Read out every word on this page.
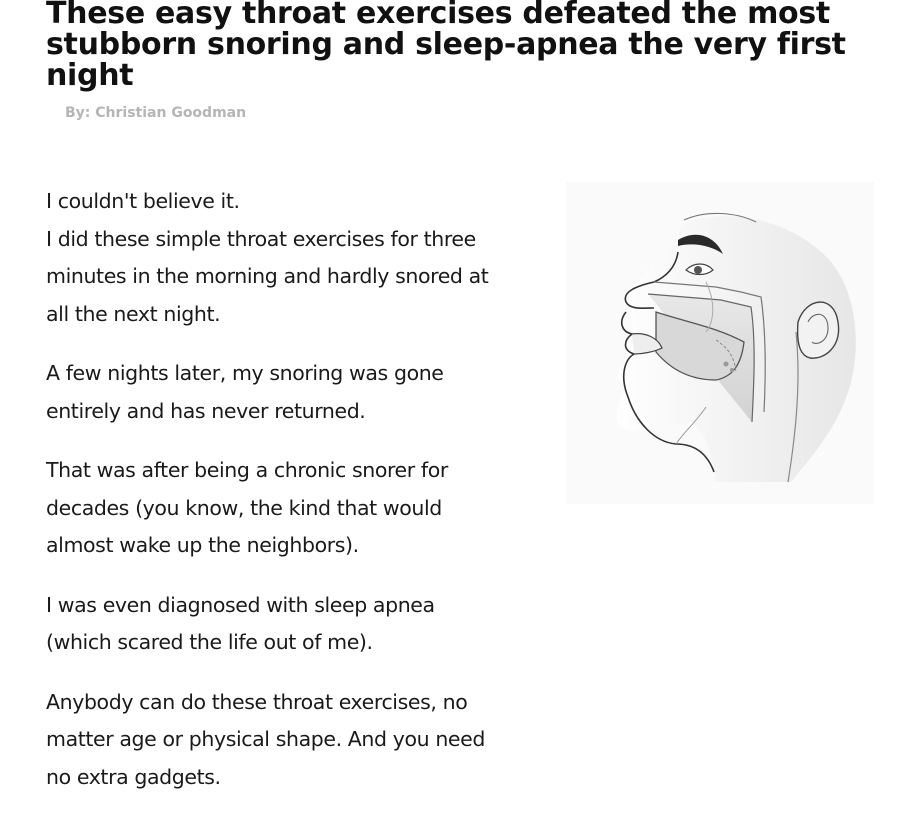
These easy throat exercises defeated the most
stubborn snoring and sleep-apnea the very first
night
By: Christian Goodman

I couldn't believe it.
I did these simple throat exercises for three
minutes in the morning and hardly snored at
all the next night.

A few nights later, my snoring was gone
entirely and has never returned.

That was after being a chronic snorer for
decades (you know, the kind that would
almost wake up the neighbors).

I was even diagnosed with sleep apnea
(which scared the life out of me).

Anybody can do these throat exercises, no
matter age or physical shape. And you need
no extra gadgets.
